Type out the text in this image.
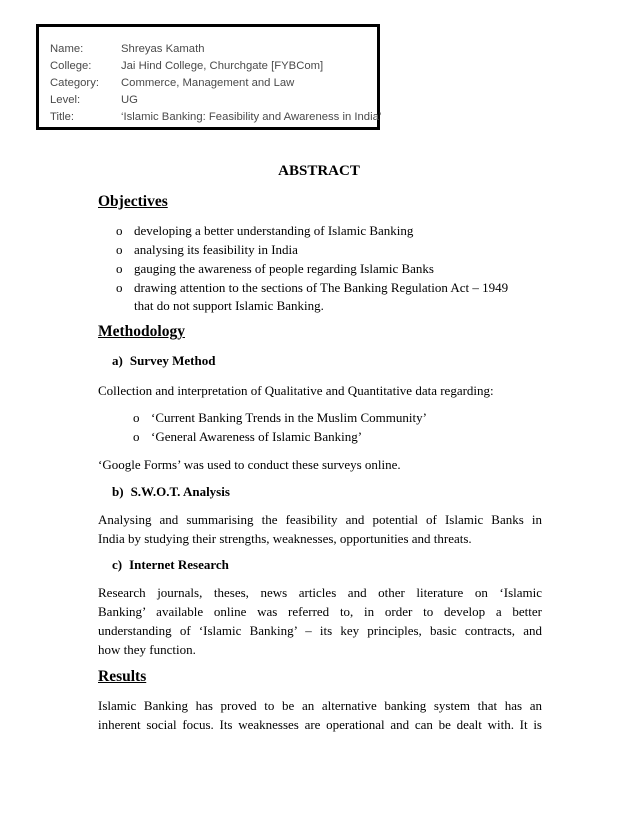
Name:	Shreyas Kamath
College:	Jai Hind College, Churchgate [FYBCom]
Category: Commerce, Management and Law
Level:	UG
Title:	‘Islamic Banking: Feasibility and Awareness in India’
ABSTRACT
Objectives
o developing a better understanding of Islamic Banking
o analysing its feasibility in India
o gauging the awareness of people regarding Islamic Banks
o drawing attention to the sections of The Banking Regulation Act – 1949
that do not support Islamic Banking.
Methodology
a) Survey Method
Collection and interpretation of Qualitative and Quantitative data regarding:
o ‘Current Banking Trends in the Muslim Community’
o ‘General Awareness of Islamic Banking’
‘Google Forms’ was used to conduct these surveys online.
b) S.W.O.T. Analysis
Analysing and summarising the feasibility and potential of Islamic Banks in
India by studying their strengths, weaknesses, opportunities and threats.
c) Internet Research
Research journals, theses, news articles and other literature on ‘Islamic
Banking’ available online was referred to, in order to develop a better
understanding of ‘Islamic Banking’ – its key principles, basic contracts, and
how they function.
Results
Islamic Banking has proved to be an alternative banking system that has an
inherent social focus. Its weaknesses are operational and can be dealt with. It is
